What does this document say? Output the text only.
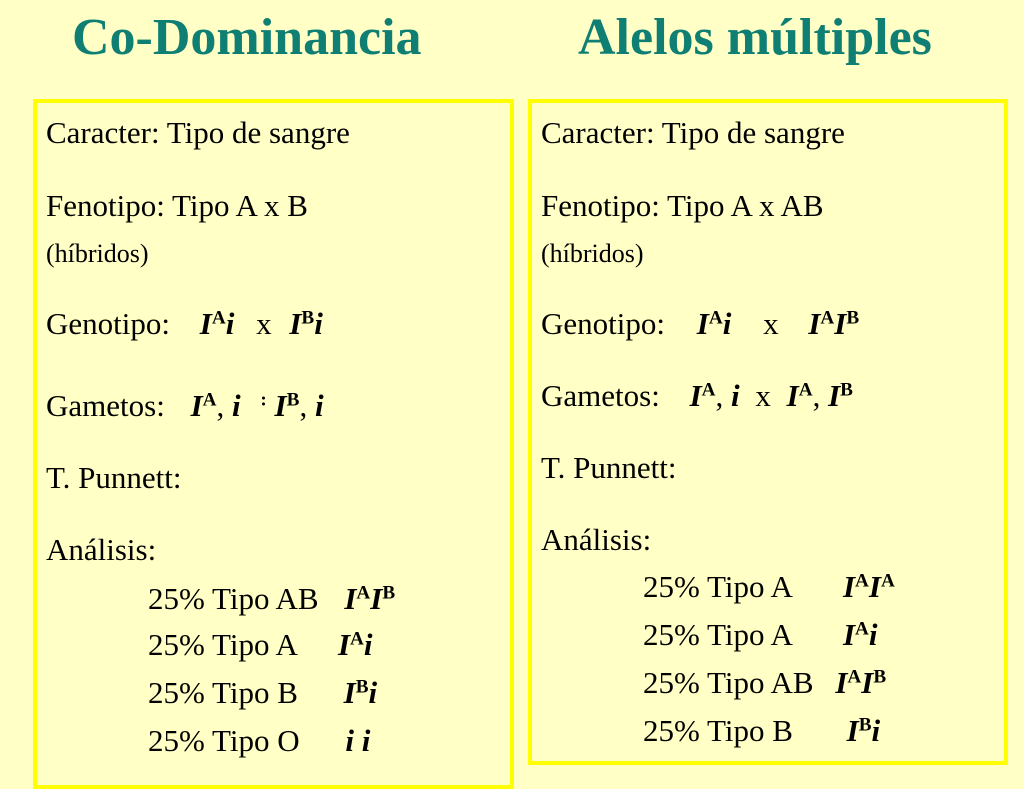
Co-Dominancia	Alelos múltiples
Caracter: Tipo de sangre
Fenotipo: Tipo A x B
(híbridos)
Genotipo: $I^Ai$ x $I^Bi$
Gametos: $I^A$, i : $I^B$, i
T. Punnett:
Análisis:
25% Tipo AB $I^AI^B$
25% Tipo A $I^Ai$
25% Tipo B $I^Bi$
25% Tipo O i i
Caracter: Tipo de sangre
Fenotipo: Tipo A x AB
(híbridos)
Genotipo: $I^Ai$ x $I^AI^B$
Gametos: $I^A$, i x $I^A$, $I^B$
T. Punnett:
Análisis:
25% Tipo A $I^AI^A$
25% Tipo A $I^Ai$
25% Tipo AB $I^AI^B$
25% Tipo B $I^Bi$
